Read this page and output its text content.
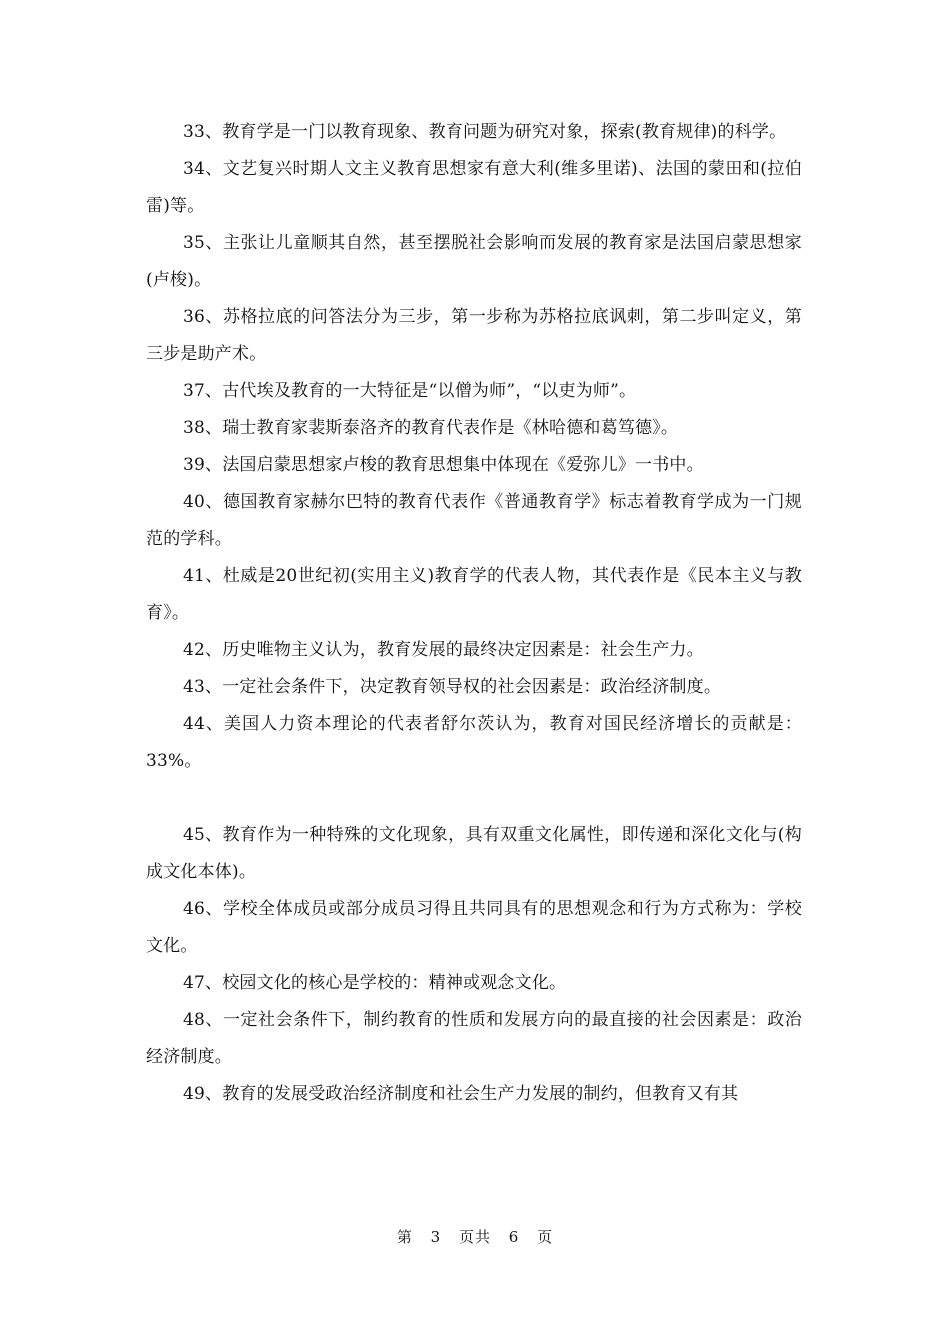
33、教育学是一门以教育现象、教育问题为研究对象，探索(教育规律)的科学。

34、文艺复兴时期人文主义教育思想家有意大利(维多里诺)、法国的蒙田和(拉伯雷)等。

35、主张让儿童顺其自然，甚至摆脱社会影响而发展的教育家是法国启蒙思想家(卢梭)。

36、苏格拉底的问答法分为三步，第一步称为苏格拉底讽刺，第二步叫定义，第三步是助产术。

37、古代埃及教育的一大特征是“以僧为师”，“以吏为师”。

38、瑞士教育家裴斯泰洛齐的教育代表作是《林哈德和葛笃德》。

39、法国启蒙思想家卢梭的教育思想集中体现在《爱弥儿》一书中。

40、德国教育家赫尔巴特的教育代表作《普通教育学》标志着教育学成为一门规范的学科。

41、杜威是20世纪初(实用主义)教育学的代表人物，其代表作是《民本主义与教育》。

42、历史唯物主义认为，教育发展的最终决定因素是：社会生产力。

43、一定社会条件下，决定教育领导权的社会因素是：政治经济制度。

44、美国人力资本理论的代表者舒尔茨认为，教育对国民经济增长的贡献是：33%。

45、教育作为一种特殊的文化现象，具有双重文化属性，即传递和深化文化与(构成文化本体)。

46、学校全体成员或部分成员习得且共同具有的思想观念和行为方式称为：学校文化。

47、校园文化的核心是学校的：精神或观念文化。

48、一定社会条件下，制约教育的性质和发展方向的最直接的社会因素是：政治经济制度。

49、教育的发展受政治经济制度和社会生产力发展的制约，但教育又有其

第 3 页共 6 页
